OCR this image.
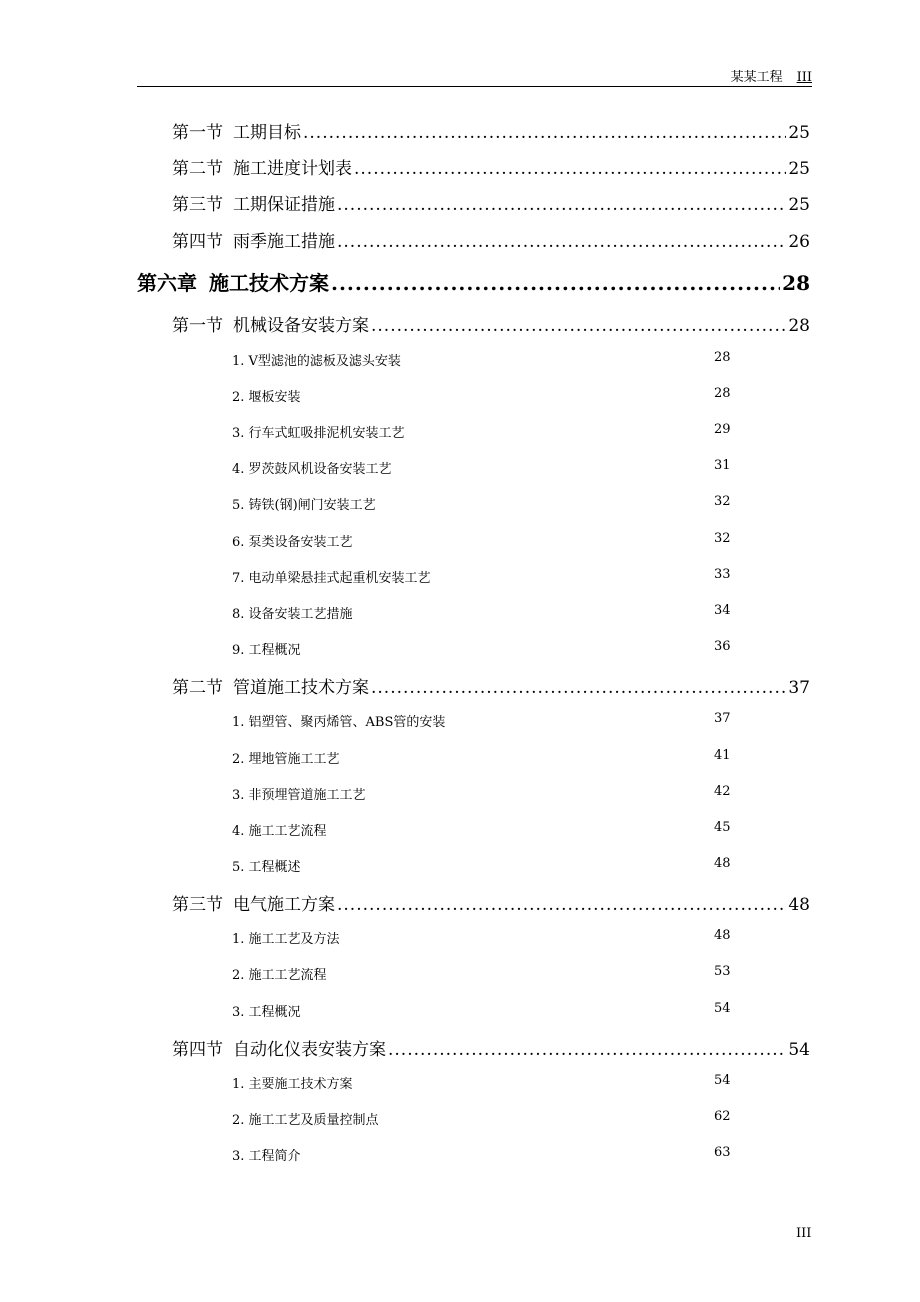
某某工程 III
第一节 工期目标 .....	25
第二节 施工进度计划表 .....	25
第三节 工期保证措施 .....	25
第四节 雨季施工措施 .....	26
第六章 施工技术方案 .....	28
第一节 机械设备安装方案 .....	28
1. V型滤池的滤板及滤头安装	28
2. 堰板安装	28
3. 行车式虹吸排泥机安装工艺	29
4. 罗茨鼓风机设备安装工艺	31
5. 铸铁(钢)闸门安装工艺	32
6. 泵类设备安装工艺	32
7. 电动单梁悬挂式起重机安装工艺	33
8. 设备安装工艺措施	34
9. 工程概况	36
第二节 管道施工技术方案 .....	37
1. 铝塑管、聚丙烯管、ABS管的安装	37
2. 埋地管施工工艺	41
3. 非预埋管道施工工艺	42
4. 施工工艺流程	45
5. 工程概述	48
第三节 电气施工方案 .....	48
1. 施工工艺及方法	48
2. 施工工艺流程	53
3. 工程概况	54
第四节 自动化仪表安装方案 .....	54
1. 主要施工技术方案	54
2. 施工工艺及质量控制点	62
3. 工程简介	63
III
